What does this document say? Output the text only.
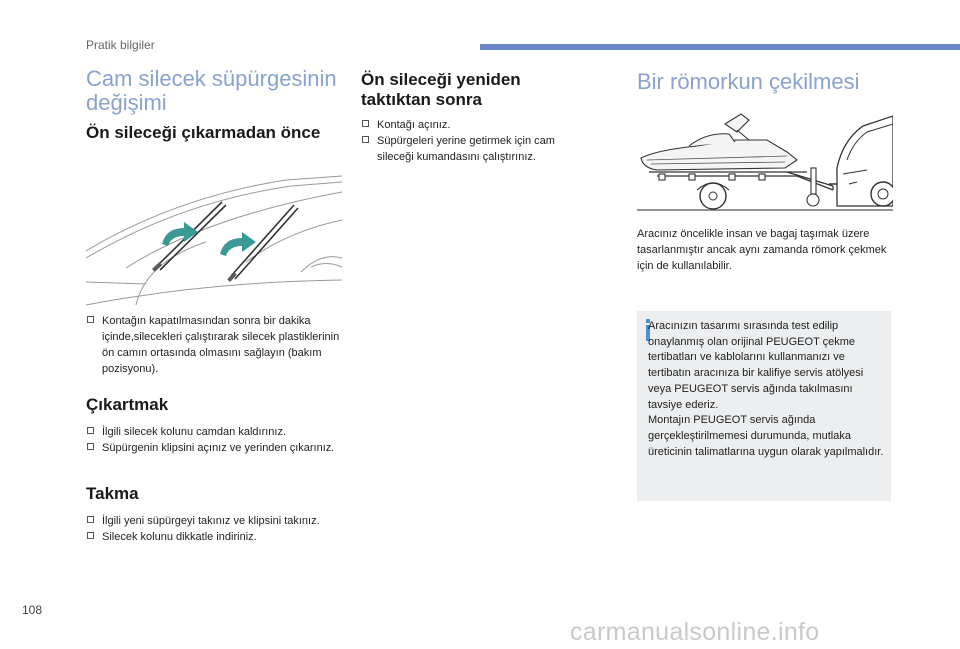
Pratik bilgiler
Cam silecek süpürgesinin değişimi
Ön sileceği çıkarmadan önce
Kontağın kapatılmasından sonra bir dakika içinde,silecekleri çalıştırarak silecek plastiklerinin ön camın ortasında olmasını sağlayın (bakım pozisyonu).
Çıkartmak
İlgili silecek kolunu camdan kaldırınız.
Süpürgenin klipsini açınız ve yerinden çıkarınız.
Takma
İlgili yeni süpürgeyi takınız ve klipsini takınız.
Silecek kolunu dikkatle indiriniz.
Ön sileceği yeniden taktıktan sonra
Kontağı açınız.
Süpürgeleri yerine getirmek için cam sileceği kumandasını çalıştırınız.
Bir römorkun çekilmesi

Aracınız öncelikle insan ve bagaj taşımak üzere tasarlanmıştır ancak aynı zamanda römork çekmek için de kullanılabilir.

Aracınızın tasarımı sırasında test edilip onaylanmış olan orijinal PEUGEOT çekme tertibatları ve kablolarını kullanmanızı ve tertibatın aracınıza bir kalifiye servis atölyesi veya PEUGEOT servis ağında takılmasını tavsiye ederiz.
Montajın PEUGEOT servis ağında gerçekleştirilmemesi durumunda, mutlaka üreticinin talimatlarına uygun olarak yapılmalıdır.

108
carmanualsonline.info
